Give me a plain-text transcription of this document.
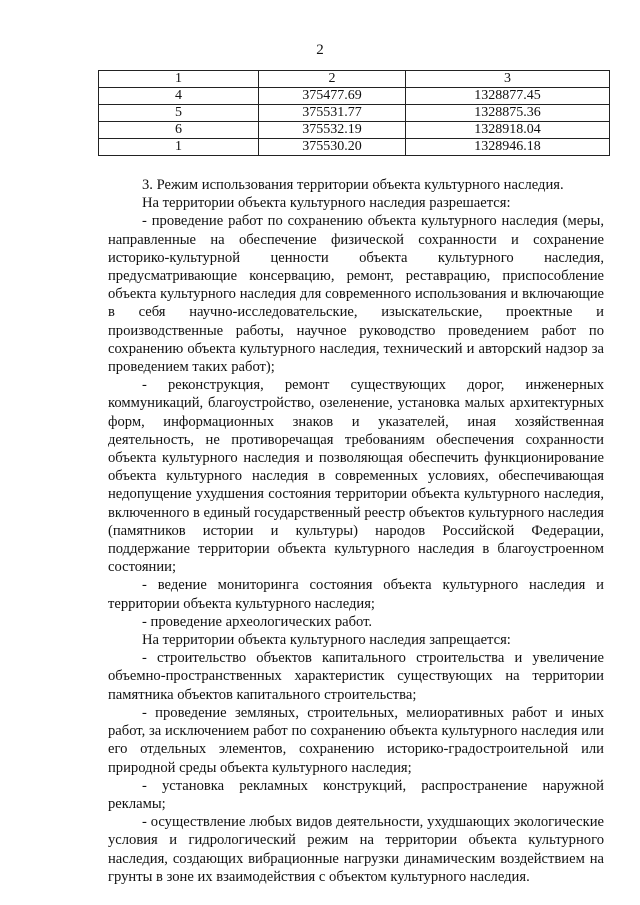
2
1	2	3
4	375477.69	1328877.45
5	375531.77	1328875.36
6	375532.19	1328918.04
1	375530.20	1328946.18

3. Режим использования территории объекта культурного наследия.

На территории объекта культурного наследия разрешается:

- проведение работ по сохранению объекта культурного наследия (меры, направленные на обеспечение физической сохранности и сохранение историко-культурной ценности объекта культурного наследия, предусматривающие консервацию, ремонт, реставрацию, приспособление объекта культурного наследия для современного использования и включающие в себя научно-исследовательские, изыскательские, проектные и производственные работы, научное руководство проведением работ по сохранению объекта культурного наследия, технический и авторский надзор за проведением таких работ);

- реконструкция, ремонт существующих дорог, инженерных коммуникаций, благоустройство, озеленение, установка малых архитектурных форм, информационных знаков и указателей, иная хозяйственная деятельность, не противоречащая требованиям обеспечения сохранности объекта культурного наследия и позволяющая обеспечить функционирование объекта культурного наследия в современных условиях, обеспечивающая недопущение ухудшения состояния территории объекта культурного наследия, включенного в единый государственный реестр объектов культурного наследия (памятников истории и культуры) народов Российской Федерации, поддержание территории объекта культурного наследия в благоустроенном состоянии;

- ведение мониторинга состояния объекта культурного наследия и территории объекта культурного наследия;

- проведение археологических работ.

На территории объекта культурного наследия запрещается:

- строительство объектов капитального строительства и увеличение объемно-пространственных характеристик существующих на территории памятника объектов капитального строительства;

- проведение земляных, строительных, мелиоративных работ и иных работ, за исключением работ по сохранению объекта культурного наследия или его отдельных элементов, сохранению историко-градостроительной или природной среды объекта культурного наследия;

- установка рекламных конструкций, распространение наружной рекламы;

- осуществление любых видов деятельности, ухудшающих экологические условия и гидрологический режим на территории объекта культурного наследия, создающих вибрационные нагрузки динамическим воздействием на грунты в зоне их взаимодействия с объектом культурного наследия.
